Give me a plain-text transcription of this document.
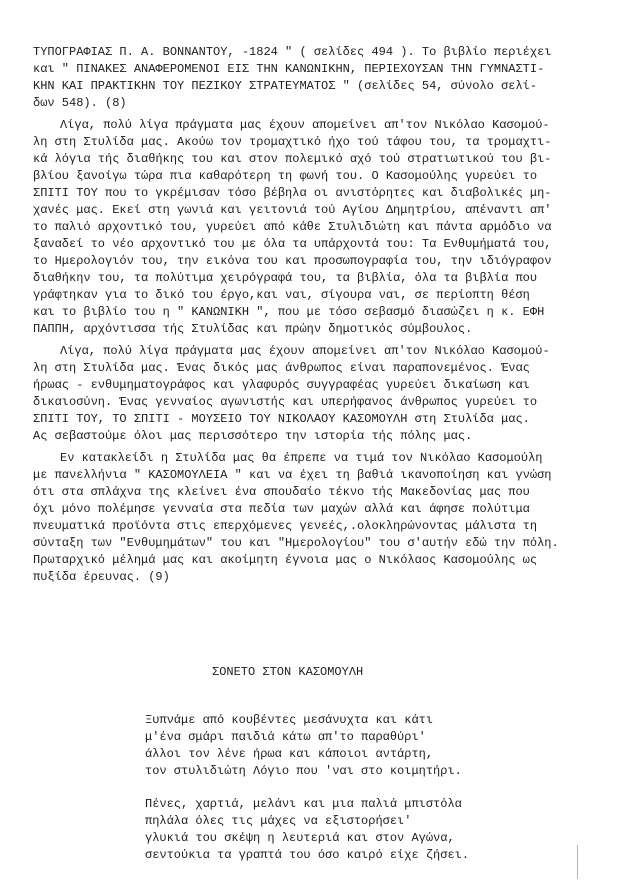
ΤΥΠΟΓΡΑΦΙΑΣ Π. Α. ΒΟΝΝΑΝΤΟΥ, -1824 " ( σελίδες 494 ). Το βιβλίο περιέχει
και " ΠΙΝΑΚΕΣ ΑΝΑΦΕΡΟΜΕΝΟΙ ΕΙΣ ΤΗΝ ΚΑΝΩΝΙΚΗΝ, ΠΕΡΙΕΧΟΥΣΑΝ ΤΗΝ ΓΥΜΝΑΣΤΙ-
ΚΗΝ ΚΑΙ ΠΡΑΚΤΙΚΗΝ ΤΟΥ ΠΕΖΙΚΟΥ ΣΤΡΑΤΕΥΜΑΤΟΣ " (σελίδες 54, σύνολο σελί-
δων 548). (8)
Λίγα, πολύ λίγα πράγματα μας έχουν απομείνει απ'τον Νικόλαο Κασομού-
λη στη Στυλίδα μας. Ακούω τον τρομαχτικό ήχο τού τάφου του, τα τρομαχτι-
κά λόγια τής διαθήκης του και στον πολεμικό αχό τού στρατιωτικού του βι-
βλίου ξανοίγω τώρα πια καθαρότερη τη φωνή του. Ο Κασομούλης γυρεύει το
ΣΠΙΤΙ ΤΟΥ που το γκρέμισαν τόσο βέβηλα οι ανιστόρητες και διαβολικές μη-
χανές μας. Εκεί στη γωνιά και γειτονιά τού Αγίου Δημητρίου, απέναντι απ'
το παλιό αρχοντικό του, γυρεύει από κάθε Στυλιδιώτη και πάντα αρμόδιο να
ξαναδεί το νέο αρχοντικό του με όλα τα υπάρχοντά του: Τα Ενθυμήματά του,
το Ημερολογιόν του, την εικόνα του και προσωπογραφία του, την ιδιόγραφον
διαθήκην του, τα πολύτιμα χειρόγραφά του, τα βιβλία, όλα τα βιβλία που
γράφτηκαν για το δικό του έργο,και ναι, σίγουρα ναι, σε περίοπτη θέση
και το βιβλίο του η " ΚΑΝΩΝΙΚΗ ", που με τόσο σεβασμό διασώζει η κ. ΕΦΗ
ΠΑΠΠΗ, αρχόντισσα τής Στυλίδας και πρώην δημοτικός σύμβουλος.
Λίγα, πολύ λίγα πράγματα μας έχουν απομείνει απ'τον Νικόλαο Κασομού-
λη στη Στυλίδα μας. Ένας δικός μας άνθρωπος είναι παραπονεμένος. Ένας
ήρωας - ενθυμηματογράφος και γλαφυρός συγγραφέας γυρεύει δικαίωση και
δικαιοσύνη. Ένας γενναίος αγωνιστής και υπερήφανος άνθρωπος γυρεύει το
ΣΠΙΤΙ ΤΟΥ, ΤΟ ΣΠΙΤΙ - ΜΟΥΣΕΙΟ ΤΟΥ ΝΙΚΟΛΑΟΥ ΚΑΣΟΜΟΥΛΗ στη Στυλίδα μας.
Ας σεβαστούμε όλοι μας περισσότερο την ιστορία τής πόλης μας.
Εν κατακλείδι η Στυλίδα μας θα έπρεπε να τιμά τον Νικόλαο Κασομούλη
με πανελλήνια " ΚΑΣΟΜΟΥΛΕΙΑ " και να έχει τη βαθιά ικανοποίηση και γνώση
ότι στα σπλάχνα της κλείνει ένα σπουδαίο τέκνο τής Μακεδονίας μας που
όχι μόνο πολέμησε γενναία στα πεδία των μαχών αλλά και άφησε πολύτιμα
πνευματικά προϊόντα στις επερχόμενες γενεές,.ολοκληρώνοντας μάλιστα τη
σύνταξη των "Ενθυμημάτων" του και "Ημερολογίου" του σ'αυτήν εδώ την πόλη.
Πρωταρχικό μέλημά μας και ακοίμητη έγνοια μας ο Νικόλαος Κασομούλης ως
πυξίδα έρευνας. (9)
ΣΟΝΕΤΟ ΣΤΟΝ ΚΑΣΟΜΟΥΛΗ
Ξυπνάμε από κουβέντες μεσάνυχτα και κάτι
μ'ένα σμάρι παιδιά κάτω απ'το παραθύρι'
άλλοι τον λένε ήρωα και κάποιοι αντάρτη,
τον στυλιδιώτη Λόγιο που 'ναι στο κοιμητήρι.
Πένες, χαρτιά, μελάνι και μια παλιά μπιστόλα
πηλάλα όλες τις μάχες να εξιστορήσει'
γλυκιά του σκέψη η λευτεριά και στον Αγώνα,
σεντούκια τα γραπτά του όσο καιρό είχε ζήσει.
